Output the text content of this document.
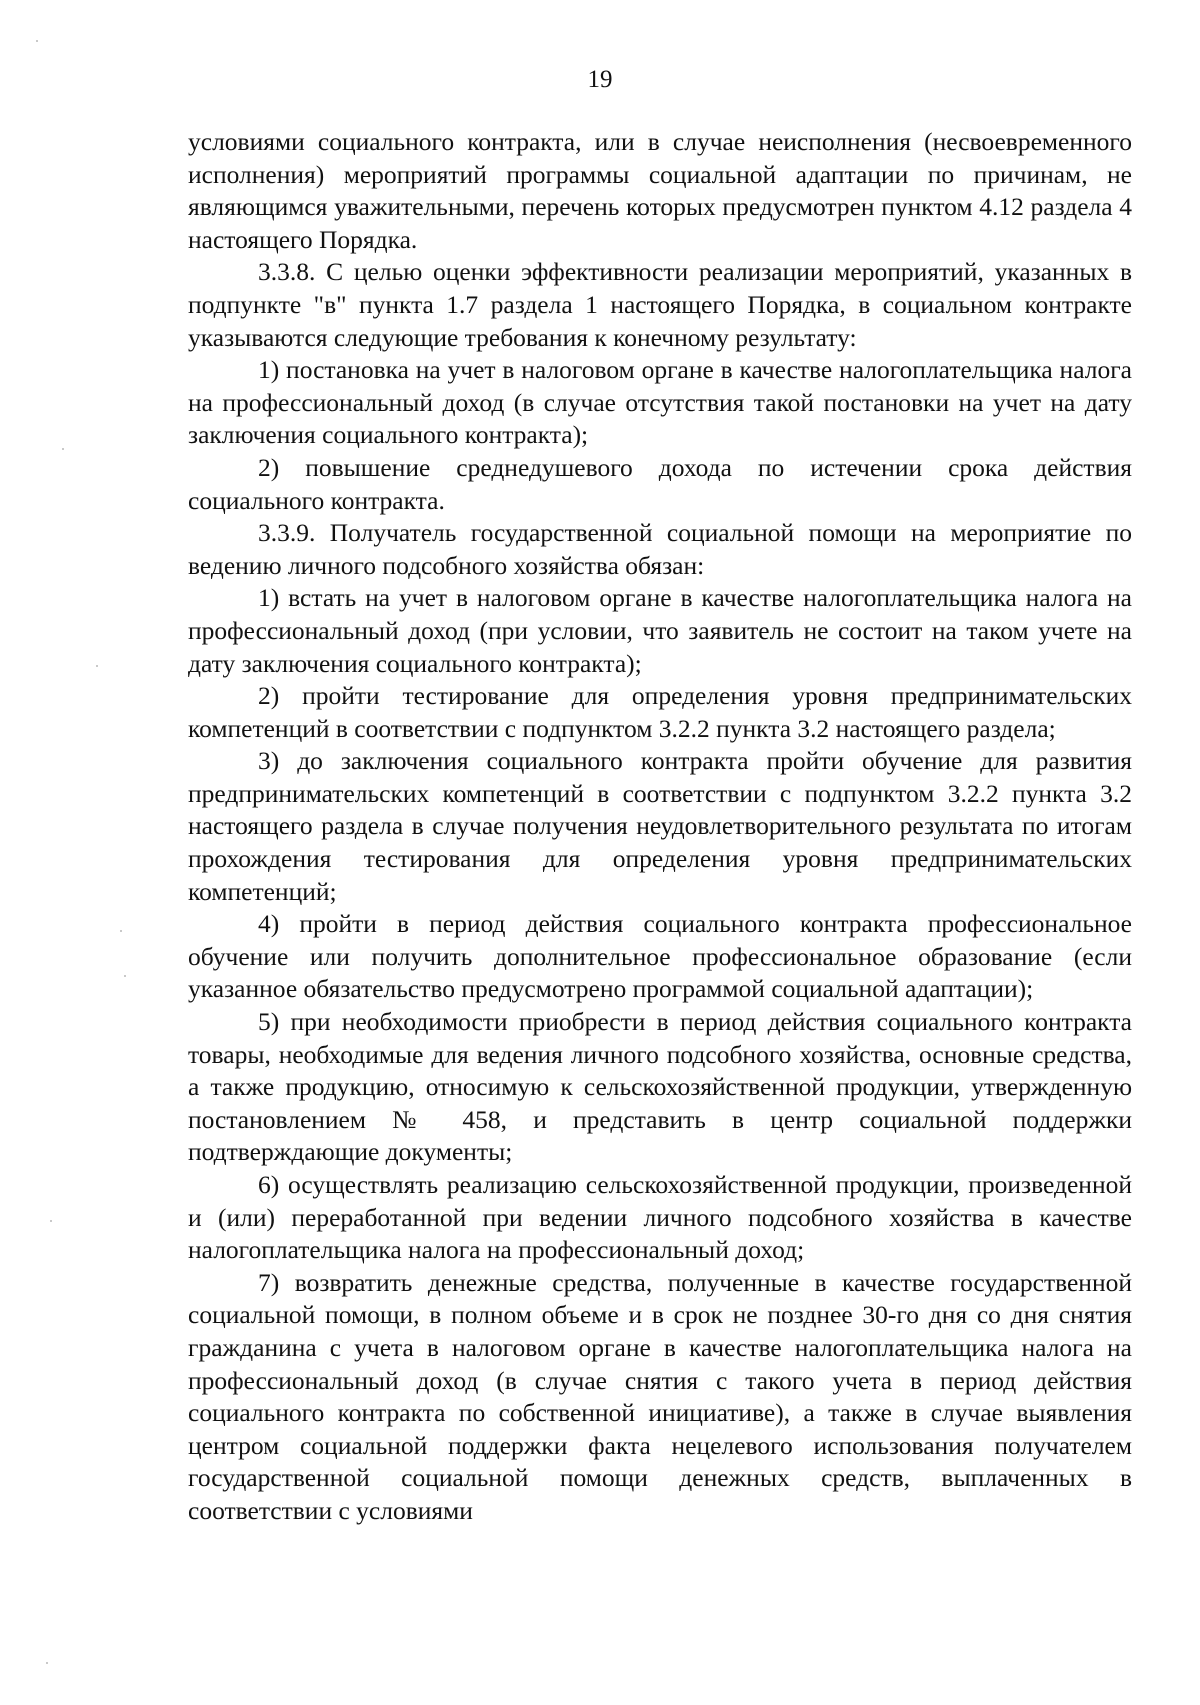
19

условиями социального контракта, или в случае неисполнения (несвоевременного исполнения) мероприятий программы социальной адаптации по причинам, не являющимся уважительными, перечень которых предусмотрен пунктом 4.12 раздела 4 настоящего Порядка.

3.3.8. С целью оценки эффективности реализации мероприятий, указанных в подпункте "в" пункта 1.7 раздела 1 настоящего Порядка, в социальном контракте указываются следующие требования к конечному результату:

1) постановка на учет в налоговом органе в качестве налогоплательщика налога на профессиональный доход (в случае отсутствия такой постановки на учет на дату заключения социального контракта);

2) повышение среднедушевого дохода по истечении срока действия социального контракта.

3.3.9. Получатель государственной социальной помощи на мероприятие по ведению личного подсобного хозяйства обязан:

1) встать на учет в налоговом органе в качестве налогоплательщика налога на профессиональный доход (при условии, что заявитель не состоит на таком учете на дату заключения социального контракта);

2) пройти тестирование для определения уровня предпринимательских компетенций в соответствии с подпунктом 3.2.2 пункта 3.2 настоящего раздела;

3) до заключения социального контракта пройти обучение для развития предпринимательских компетенций в соответствии с подпунктом 3.2.2 пункта 3.2 настоящего раздела в случае получения неудовлетворительного результата по итогам прохождения тестирования для определения уровня предпринимательских компетенций;

4) пройти в период действия социального контракта профессиональное обучение или получить дополнительное профессиональное образование (если указанное обязательство предусмотрено программой социальной адаптации);

5) при необходимости приобрести в период действия социального контракта товары, необходимые для ведения личного подсобного хозяйства, основные средства, а также продукцию, относимую к сельскохозяйственной продукции, утвержденную постановлением № 458, и представить в центр социальной поддержки подтверждающие документы;

6) осуществлять реализацию сельскохозяйственной продукции, произведенной и (или) переработанной при ведении личного подсобного хозяйства в качестве налогоплательщика налога на профессиональный доход;

7) возвратить денежные средства, полученные в качестве государственной социальной помощи, в полном объеме и в срок не позднее 30-го дня со дня снятия гражданина с учета в налоговом органе в качестве налогоплательщика налога на профессиональный доход (в случае снятия с такого учета в период действия социального контракта по собственной инициативе), а также в случае выявления центром социальной поддержки факта нецелевого использования получателем государственной социальной помощи денежных средств, выплаченных в соответствии с условиями
